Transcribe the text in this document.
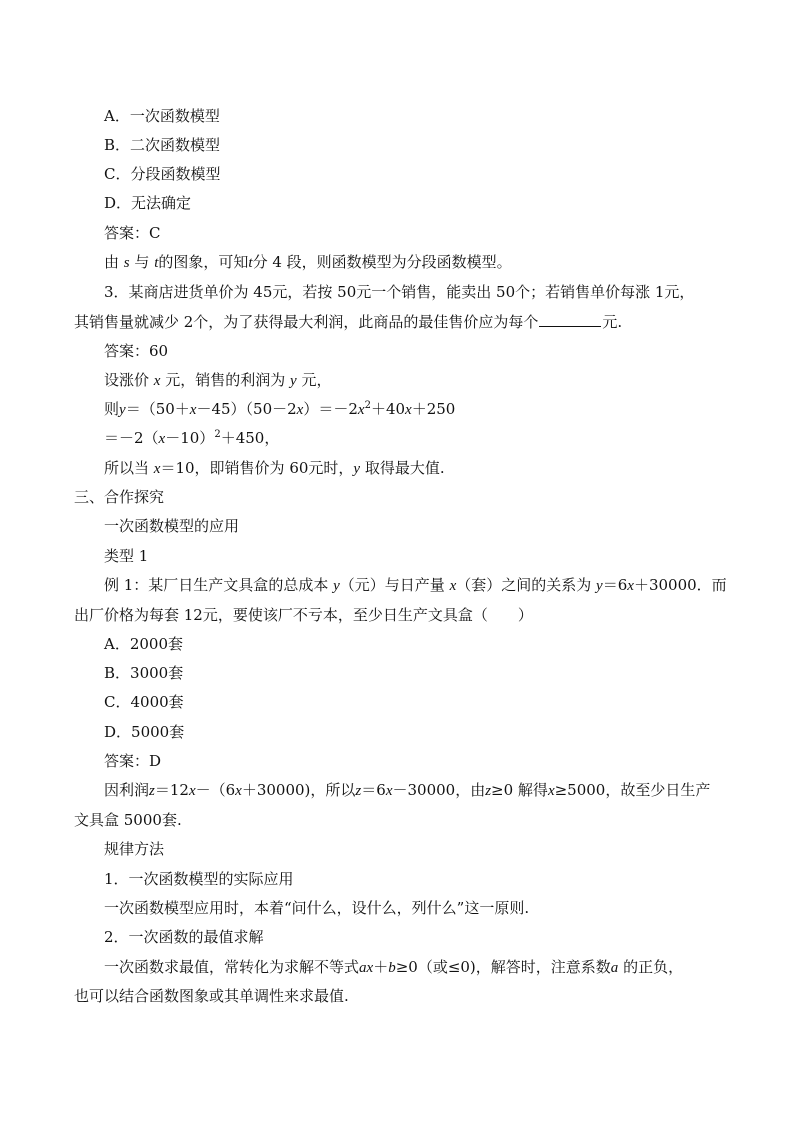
A．一次函数模型
B．二次函数模型
C．分段函数模型
D．无法确定
答案：C
由 s 与 t的图象，可知t分 4 段，则函数模型为分段函数模型。
3．某商店进货单价为 45元，若按 50元一个销售，能卖出 50个；若销售单价每涨 1元，
其销售量就减少 2个，为了获得最大利润，此商品的最佳售价应为每个	元.
答案：60
设涨价 x 元，销售的利润为 y 元，
则$y=(50+x-45)(50-2x)=-2x^2+40x+250$
$=-2(x-10)^2+450$，
所以当 x＝10，即销售价为 60元时，y 取得最大值.
三、合作探究
一次函数模型的应用
类型 1
例 1：某厂日生产文具盒的总成本 y（元）与日产量 x（套）之间的关系为 y＝6x＋30000．而
出厂价格为每套 12元，要使该厂不亏本，至少日生产文具盒（　　）
A．2000套
B．3000套
C．4000套
D．5000套
答案：D
因利润z＝12x－（6x＋30000)，所以z＝6x－30000，由z≥0 解得x≥5000，故至少日生产
文具盒 5000套.
规律方法
1．一次函数模型的实际应用
一次函数模型应用时，本着“问什么，设什么，列什么”这一原则.
2．一次函数的最值求解
一次函数求最值，常转化为求解不等式ax＋b≥0（或≤0)，解答时，注意系数a 的正负，
也可以结合函数图象或其单调性来求最值.
